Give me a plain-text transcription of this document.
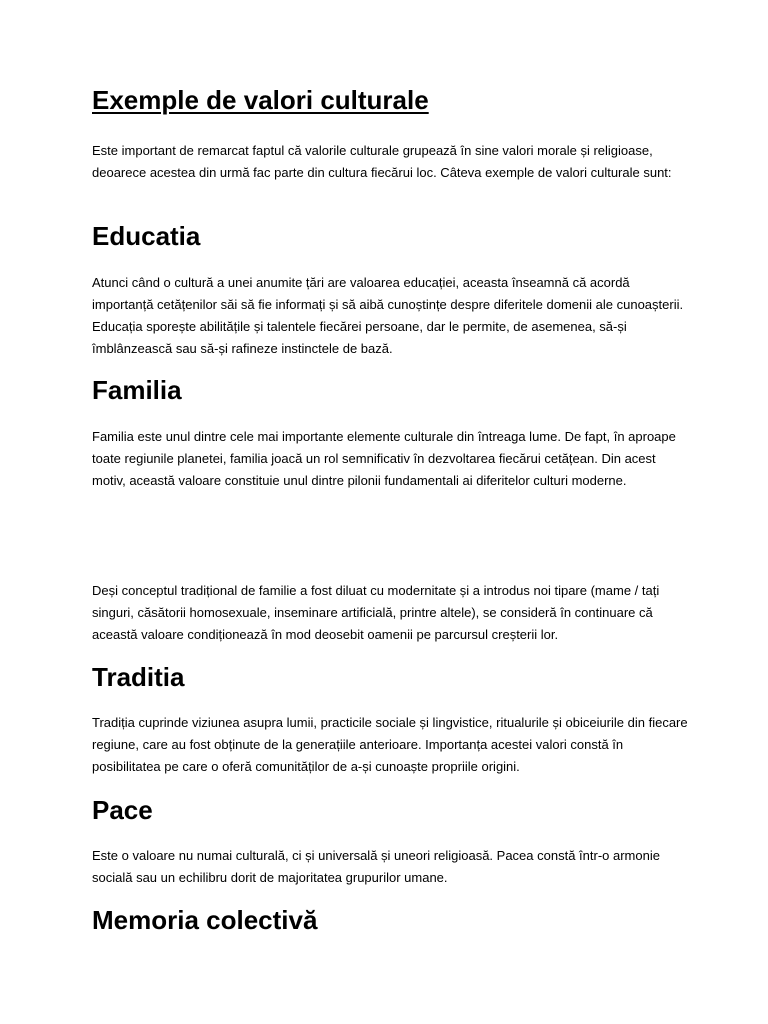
Exemple de valori culturale

Este important de remarcat faptul că valorile culturale grupează în sine valori morale și religioase, deoarece acestea din urmă fac parte din cultura fiecărui loc. Câteva exemple de valori culturale sunt:

Educatia

Atunci când o cultură a unei anumite țări are valoarea educației, aceasta înseamnă că acordă importanță cetățenilor săi să fie informați și să aibă cunoștințe despre diferitele domenii ale cunoașterii. Educația sporește abilitățile și talentele fiecărei persoane, dar le permite, de asemenea, să-și îmblânzească sau să-și rafineze instinctele de bază.

Familia

Familia este unul dintre cele mai importante elemente culturale din întreaga lume. De fapt, în aproape toate regiunile planetei, familia joacă un rol semnificativ în dezvoltarea fiecărui cetățean. Din acest motiv, această valoare constituie unul dintre pilonii fundamentali ai diferitelor culturi moderne.

Deși conceptul tradițional de familie a fost diluat cu modernitate și a introdus noi tipare (mame / tați singuri, căsătorii homosexuale, inseminare artificială, printre altele), se consideră în continuare că această valoare condiționează în mod deosebit oamenii pe parcursul creșterii lor.

Traditia

Tradiția cuprinde viziunea asupra lumii, practicile sociale și lingvistice, ritualurile și obiceiurile din fiecare regiune, care au fost obținute de la generațiile anterioare. Importanța acestei valori constă în posibilitatea pe care o oferă comunităților de a-și cunoaște propriile origini.

Pace

Este o valoare nu numai culturală, ci și universală și uneori religioasă. Pacea constă într-o armonie socială sau un echilibru dorit de majoritatea grupurilor umane.

Memoria colectivă
